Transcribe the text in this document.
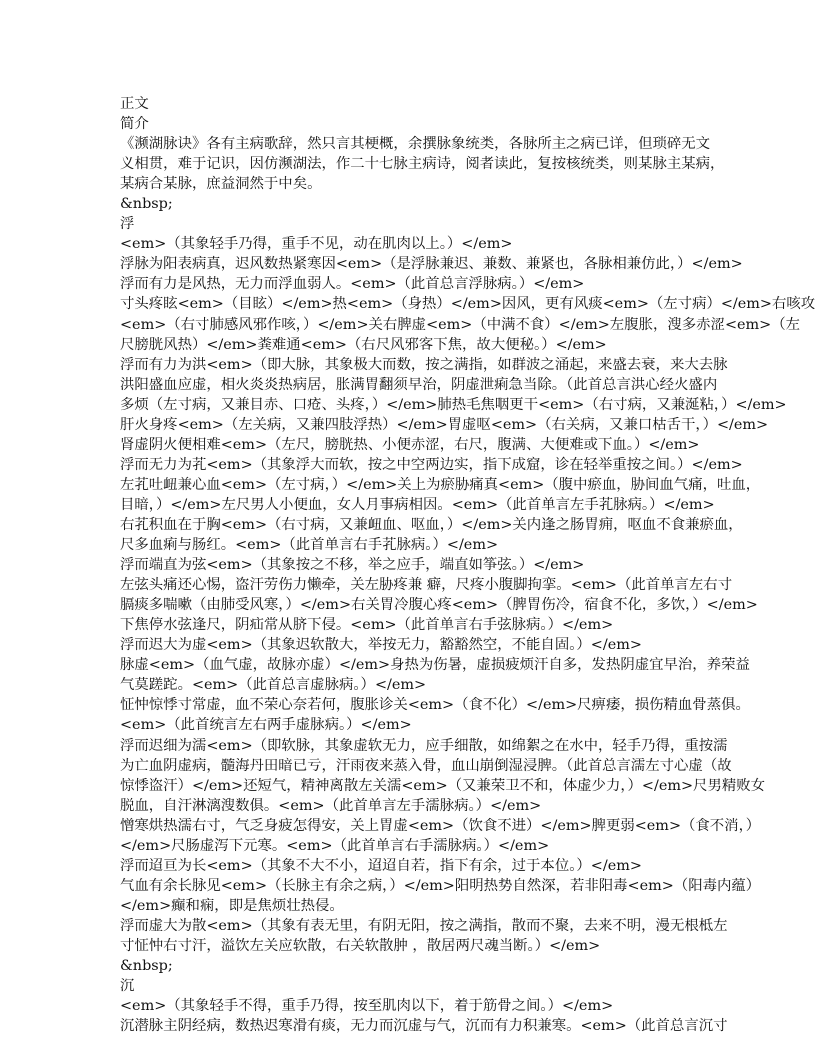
正文
简介
《濒湖脉诀》各有主病歌辞，然只言其梗概，余撰脉象统类，各脉所主之病已详，但琐碎无文
义相贯，难于记识，因仿濒湖法，作二十七脉主病诗，阅者读此，复按核统类，则某脉主某病，
某病合某脉，庶益洞然于中矣。
&nbsp;
浮
<em>（其象轻手乃得，重手不见，动在肌肉以上。）</em>
浮脉为阳表病真，迟风数热紧寒因<em>（是浮脉兼迟、兼数、兼紧也，各脉相兼仿此，）</em>
浮而有力是风热，无力而浮血弱人。<em>（此首总言浮脉病。）</em>
寸头疼眩<em>（目眩）</em>热<em>（身热）</em>因风，更有风痰<em>（左寸病）</em>右咳攻
<em>（右寸肺感风邪作咳，）</em>关右脾虚<em>（中满不食）</em>左腹胀，溲多赤涩<em>（左
尺膀胱风热）</em>粪难通<em>（右尺风邪客下焦，故大便秘。）</em>
浮而有力为洪<em>（即大脉，其象极大而数，按之满指，如群波之涌起，来盛去衰，来大去脉
洪阳盛血应虚，相火炎炎热病居，胀满胃翻须早治，阴虚泄痢急当除。（此首总言洪心经火盛内
多烦（左寸病，又兼目赤、口疮、头疼，）</em>肺热毛焦咽更干<em>（右寸病，又兼涎粘，）</em>
肝火身疼<em>（左关病，又兼四肢浮热）</em>胃虚呕<em>（右关病，又兼口枯舌干，）</em>
肾虚阴火便相难<em>（左尺，膀胱热、小便赤涩，右尺，腹满、大便难或下血。）</em>
浮而无力为芤<em>（其象浮大而软，按之中空两边实，指下成窟，诊在轻举重按之间。）</em>
左芤吐衄兼心血<em>（左寸病，）</em>关上为瘀胁痛真<em>（腹中瘀血，胁间血气痛，吐血，
目暗，）</em>左尺男人小便血，女人月事病相因。<em>（此首单言左手芤脉病。）</em>
右芤积血在于胸<em>（右寸病，又兼衄血、呕血，）</em>关内逢之肠胃痈，呕血不食兼瘀血，
尺多血痢与肠红。<em>（此首单言右手芤脉病。）</em>
浮而端直为弦<em>（其象按之不移，举之应手，端直如筝弦。）</em>
左弦头痛还心惕，盗汗劳伤力懒牵，关左胁疼兼 癖，尺疼小腹脚拘挛。<em>（此首单言左右寸
膈痰多喘嗽（由肺受风寒，）</em>右关胃冷腹心疼<em>（脾胃伤冷，宿食不化，多饮，）</em>
下焦停水弦逢尺，阴疝常从脐下侵。<em>（此首单言右手弦脉病。）</em>
浮而迟大为虚<em>（其象迟软散大，举按无力，豁豁然空，不能自固。）</em>
脉虚<em>（血气虚，故脉亦虚）</em>身热为伤暑，虚损疲烦汗自多，发热阴虚宜早治，养荣益
气莫蹉跎。<em>（此首总言虚脉病。）</em>
怔忡惊悸寸常虚，血不荣心奈若何，腹胀诊关<em>（食不化）</em>尺痹痿，损伤精血骨蒸俱。
<em>（此首统言左右两手虚脉病。）</em>
浮而迟细为濡<em>（即软脉，其象虚软无力，应手细散，如绵絮之在水中，轻手乃得，重按濡
为亡血阴虚病，髓海丹田暗已亏，汗雨夜来蒸入骨，血山崩倒湿浸脾。（此首总言濡左寸心虚（故
惊悸盗汗）</em>还短气，精神离散左关濡<em>（又兼荣卫不和，体虚少力，）</em>尺男精败女
脱血，自汗淋漓溲数俱。<em>（此首单言左手濡脉病。）</em>
憎寒烘热濡右寸，气乏身疲怎得安，关上胃虚<em>（饮食不进）</em>脾更弱<em>（食不消，）
</em>尺肠虚泻下元寒。<em>（此首单言右手濡脉病。）</em>
浮而迢亘为长<em>（其象不大不小，迢迢自若，指下有余，过于本位。）</em>
气血有余长脉见<em>（长脉主有余之病，）</em>阳明热势自然深，若非阳毒<em>（阳毒内蕴）
</em>癫和痫，即是焦烦壮热侵。
浮而虚大为散<em>（其象有表无里，有阴无阳，按之满指，散而不聚，去来不明，漫无根柢左
寸怔忡右寸汗，溢饮左关应软散，右关软散肿 ，散居两尺魂当断。）</em>
&nbsp;
沉
<em>（其象轻手不得，重手乃得，按至肌肉以下，着于筋骨之间。）</em>
沉潜脉主阴经病，数热迟寒滑有痰，无力而沉虚与气，沉而有力积兼寒。<em>（此首总言沉寸
